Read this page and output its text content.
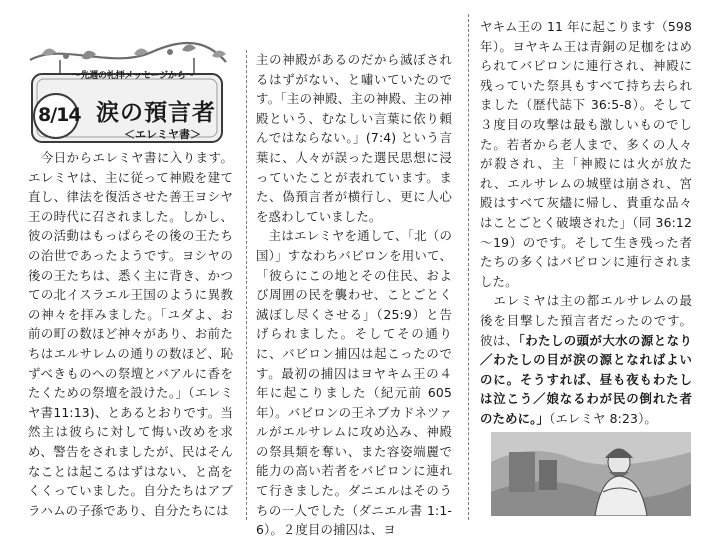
〜先週の礼拝メッセージから〜
8/14 涙の預言者
＜エレミヤ書＞
　今日からエレミヤ書に入ります。エレミヤは、主に従って神殿を建て直し、律法を復活させた善王ヨシヤ王の時代に召されました。しかし、彼の活動はもっぱらその後の王たちの治世であったようです。ヨシヤの後の王たちは、悉く主に背き、かつての北イスラエル王国のように異教の神々を拝みました。「ユダよ、お前の町の数ほど神々があり、お前たちはエルサレムの通りの数ほど、恥ずべきものへの祭壇とバアルに香をたくための祭壇を設けた。」（エレミヤ書11:13)、とあるとおりです。当然主は彼らに対して悔い改めを求め、警告をされましたが、民はそんなことは起こるはずはない、と高をくくっていました。自分たちはアブラハムの子孫であり、自分たちには
主の神殿があるのだから滅ぼされるはずがない、と嘯いていたのです。「主の神殿、主の神殿、主の神殿という、むなしい言葉に依り頼んではならない。」(7:4) という言葉に、人々が誤った選民思想に浸っていたことが表れています。また、偽預言者が横行し、更に人心を惑わしていました。
　主はエレミヤを通して、「北（の国）」すなわちバビロンを用いて、「彼らにこの地とその住民、および周囲の民を襲わせ、ことごとく滅ぼし尽くさせる」（25:9）と告げられました。そしてその通りに、バビロン捕囚は起こったのです。最初の捕囚はヨヤキム王の４年に起こりました（紀元前 605 年）。バビロンの王ネブカドネツァルがエルサレムに攻め込み、神殿の祭具類を奪い、また容姿端麗で能力の高い若者をバビロンに連れて行きました。ダニエルはそのうちの一人でした（ダニエル書 1:1-6）。２度目の捕囚は、ヨ
ヤキム王の 11 年に起こります（598 年）。ヨヤキム王は青銅の足枷をはめられてバビロンに連行され、神殿に残っていた祭具もすべて持ち去られました（歴代誌下 36:5-8）。そして３度目の攻撃は最も激しいものでした。若者から老人まで、多くの人々が殺され、主「神殿には火が放たれ、エルサレムの城壁は崩され、宮殿はすべて灰燼に帰し、貴重な品々はことごとく破壊された」（同 36:12～19）のです。そして生き残った者たちの多くはバビロンに連行されました。
　エレミヤは主の都エルサレムの最後を目撃した預言者だったのです。彼は、「わたしの頭が大水の源となり／わたしの目が涙の源となればよいのに。そうすれば、昼も夜もわたしは泣こう／娘なるわが民の倒れた者のために。」（エレミヤ 8:23）。
